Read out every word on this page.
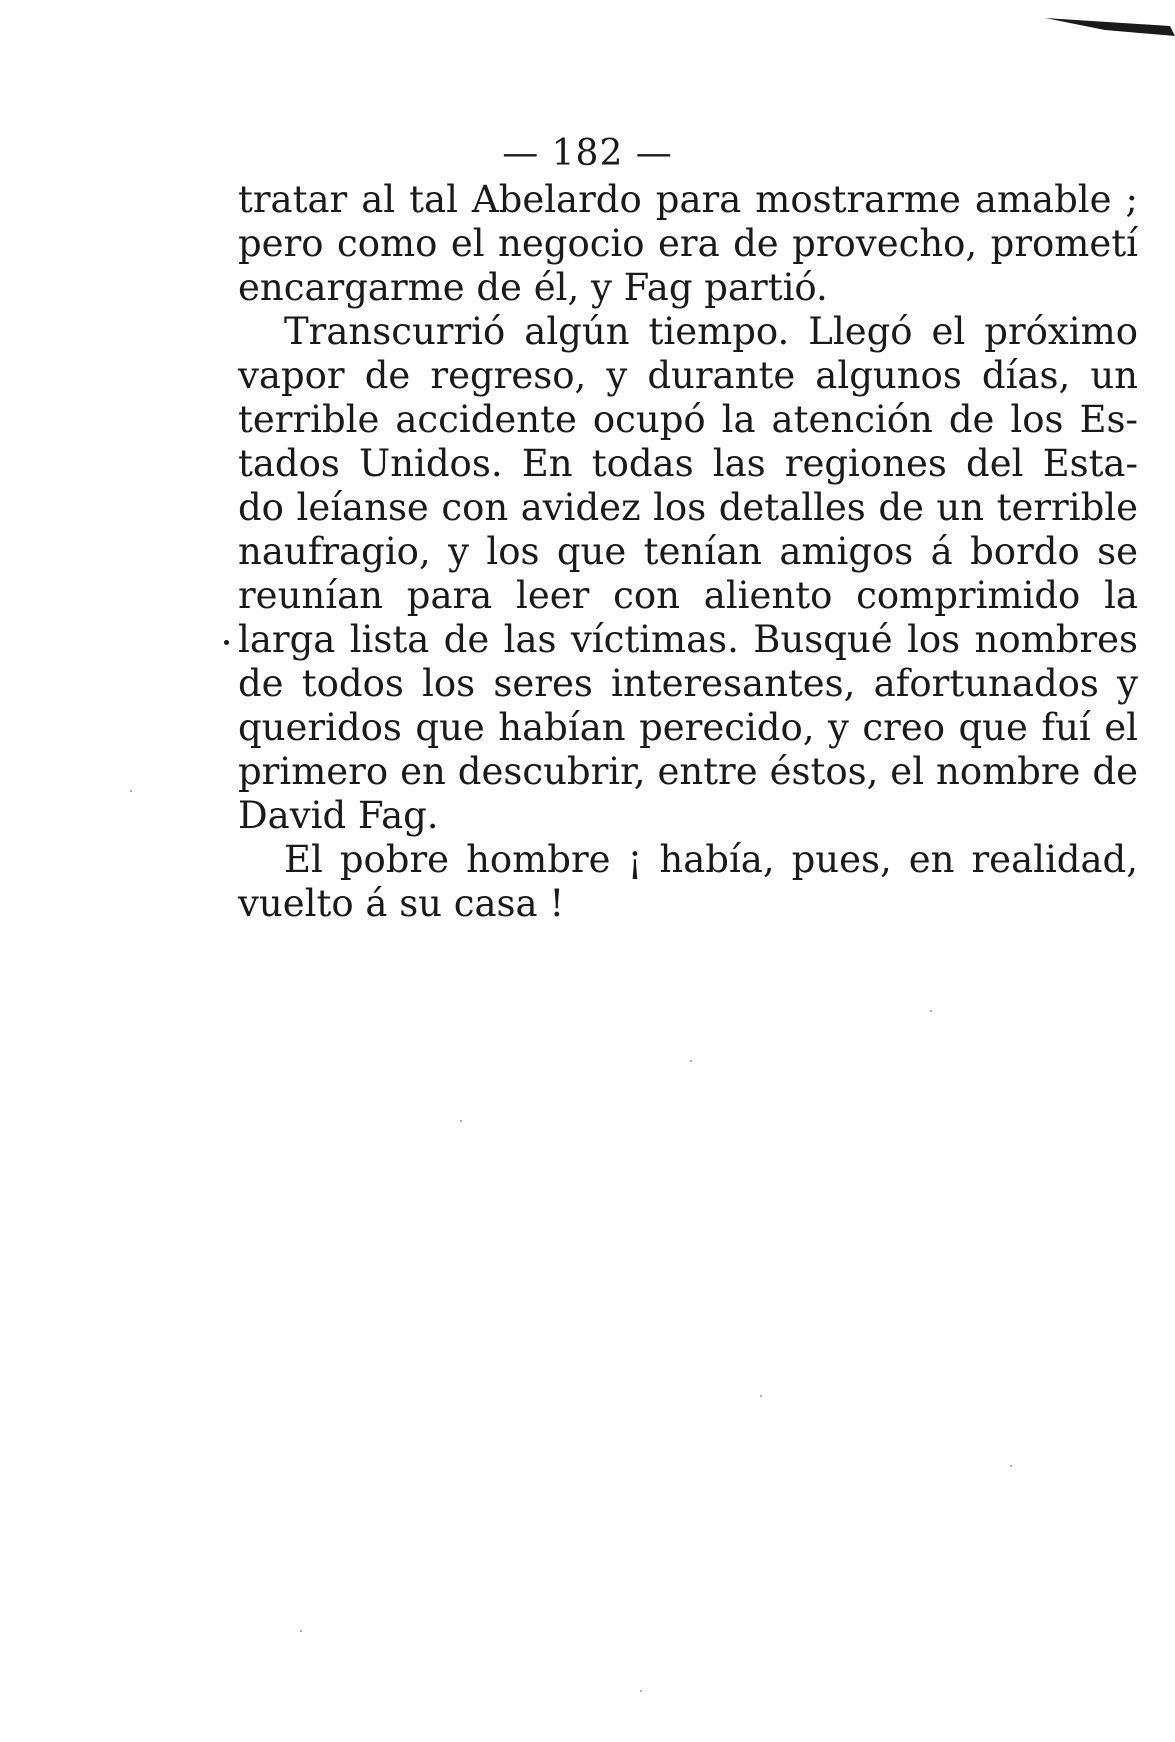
— 182 —
tratar al tal Abelardo para mostrarme amable ;
pero como el negocio era de provecho, prometí
encargarme de él, y Fag partió.
Transcurrió algún tiempo. Llegó el próximo
vapor de regreso, y durante algunos días, un
terrible accidente ocupó la atención de los Es-
tados Unidos. En todas las regiones del Esta-
do leíanse con avidez los detalles de un terrible
naufragio, y los que tenían amigos á bordo se
reunían para leer con aliento comprimido la
larga lista de las víctimas. Busqué los nombres
de todos los seres interesantes, afortunados y
queridos que habían perecido, y creo que fuí el
primero en descubrir, entre éstos, el nombre de
David Fag.
El pobre hombre ¡ había, pues, en realidad,
vuelto á su casa !
